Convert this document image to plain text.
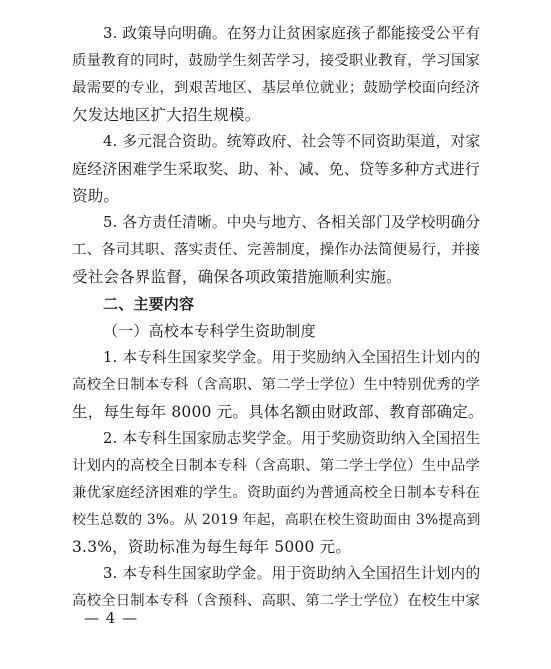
3. 政策导向明确。在努力让贫困家庭孩子都能接受公平有
质量教育的同时，鼓励学生刻苦学习，接受职业教育，学习国家
最需要的专业，到艰苦地区、基层单位就业；鼓励学校面向经济
欠发达地区扩大招生规模。
4. 多元混合资助。统筹政府、社会等不同资助渠道，对家
庭经济困难学生采取奖、助、补、减、免、贷等多种方式进行
资助。
5. 各方责任清晰。中央与地方、各相关部门及学校明确分
工、各司其职、落实责任、完善制度，操作办法简便易行，并接
受社会各界监督，确保各项政策措施顺利实施。
二、主要内容
（一）高校本专科学生资助制度
1. 本专科生国家奖学金。用于奖励纳入全国招生计划内的
高校全日制本专科（含高职、第二学士学位）生中特别优秀的学
生，每生每年 8000 元。具体名额由财政部、教育部确定。
2. 本专科生国家励志奖学金。用于奖励资助纳入全国招生
计划内的高校全日制本专科（含高职、第二学士学位）生中品学
兼优家庭经济困难的学生。资助面约为普通高校全日制本专科在
校生总数的 3%。从 2019 年起，高职在校生资助面由 3%提高到
3.3%，资助标准为每生每年 5000 元。
3. 本专科生国家助学金。用于资助纳入全国招生计划内的
高校全日制本专科（含预科、高职、第二学士学位）在校生中家
— 4 —
